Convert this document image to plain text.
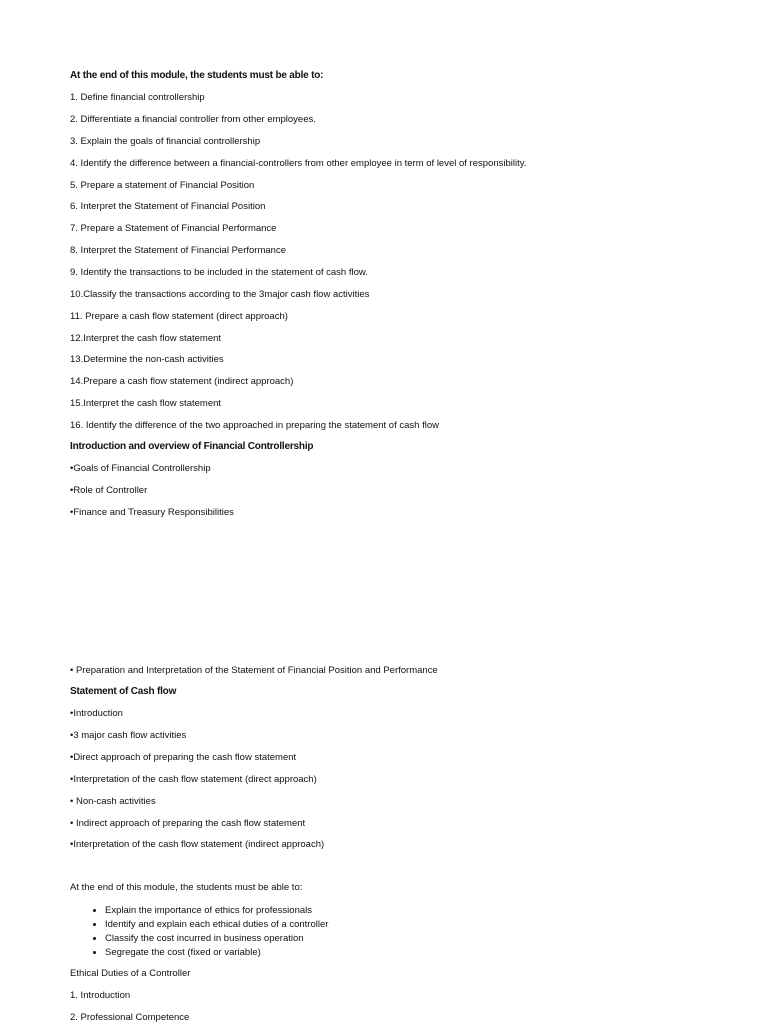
At the end of this module, the students must be able to:
1. Define financial controllership
2. Differentiate a financial controller from other employees.
3. Explain the goals of financial controllership
4. Identify the difference between a financial-controllers from other employee in term of level of responsibility.
5. Prepare a statement of Financial Position
6. Interpret the Statement of Financial Position
7. Prepare a Statement of Financial Performance
8. Interpret the Statement of Financial Performance
9. Identify the transactions to be included in the statement of cash flow.
10.Classify the transactions according to the 3major cash flow activities
11. Prepare a cash flow statement (direct approach)
12.Interpret the cash flow statement
13.Determine the non-cash activities
14.Prepare a cash flow statement (indirect approach)
15.Interpret the cash flow statement
16. Identify the difference of the two approached in preparing the statement of cash flow
Introduction and overview of Financial Controllership
•Goals of Financial Controllership
•Role of Controller
•Finance and Treasury Responsibilities
• Preparation and Interpretation of the Statement of Financial Position and Performance
Statement of Cash flow
•Introduction
•3 major cash flow activities
•Direct approach of preparing the cash flow statement
•Interpretation of the cash flow statement (direct approach)
• Non-cash activities
• Indirect approach of preparing the cash flow statement
•Interpretation of the cash flow statement (indirect approach)
At the end of this module, the students must be able to:
• Explain the importance of ethics for professionals
• Identify and explain each ethical duties of a controller
• Classify the cost incurred in business operation
• Segregate the cost (fixed or variable)
Ethical Duties of a Controller
1. Introduction
2. Professional Competence
